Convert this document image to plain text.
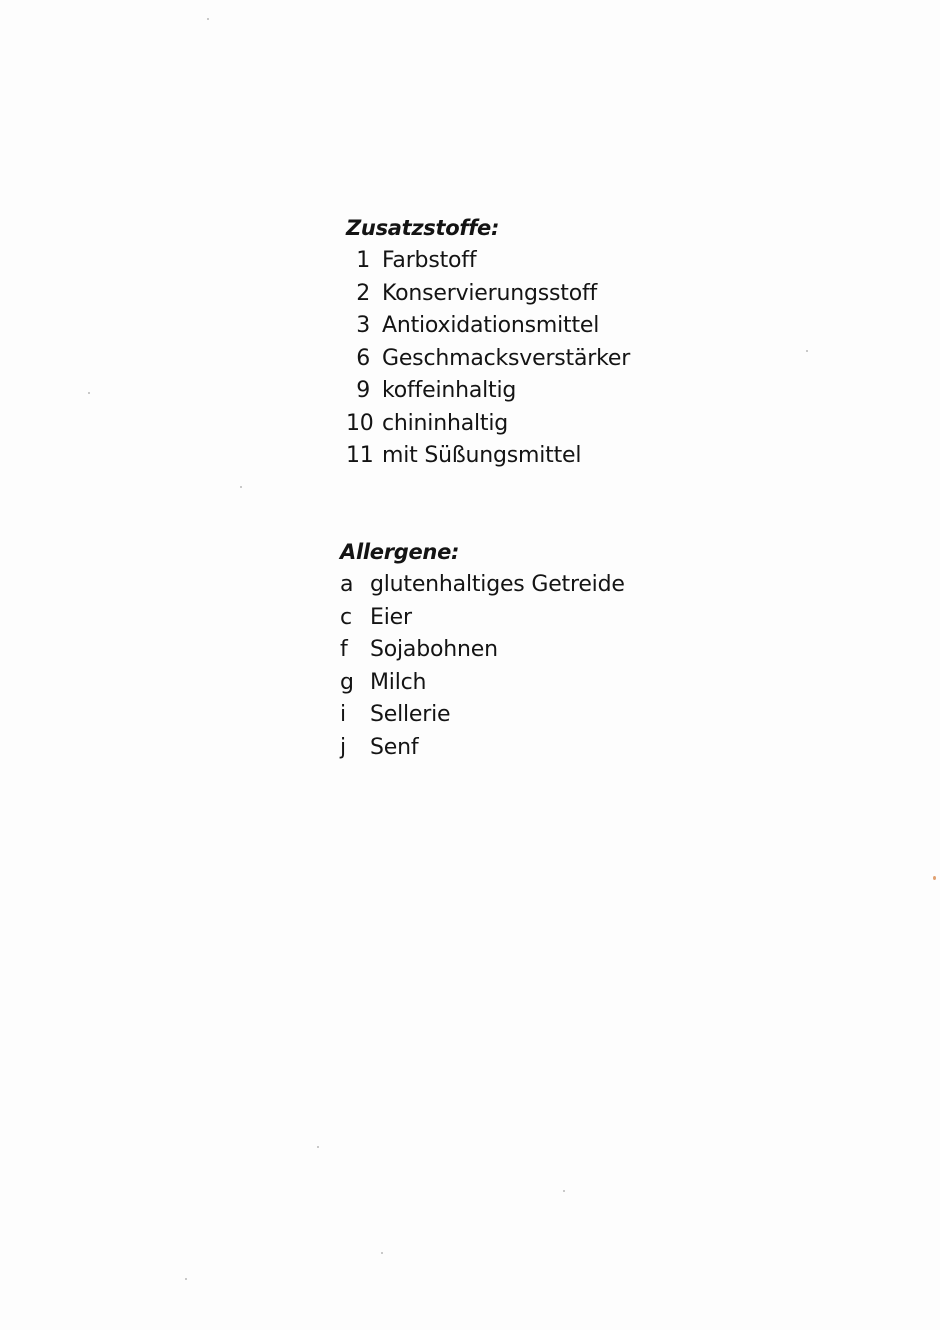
Zusatzstoffe:
1 Farbstoff
2 Konservierungsstoff
3 Antioxidationsmittel
6 Geschmacksverstärker
9 koffeinhaltig
10 chininhaltig
11 mit Süßungsmittel
Allergene:
a glutenhaltiges Getreide
c Eier
f	Sojabohnen
g Milch
i	Sellerie
j	Senf
